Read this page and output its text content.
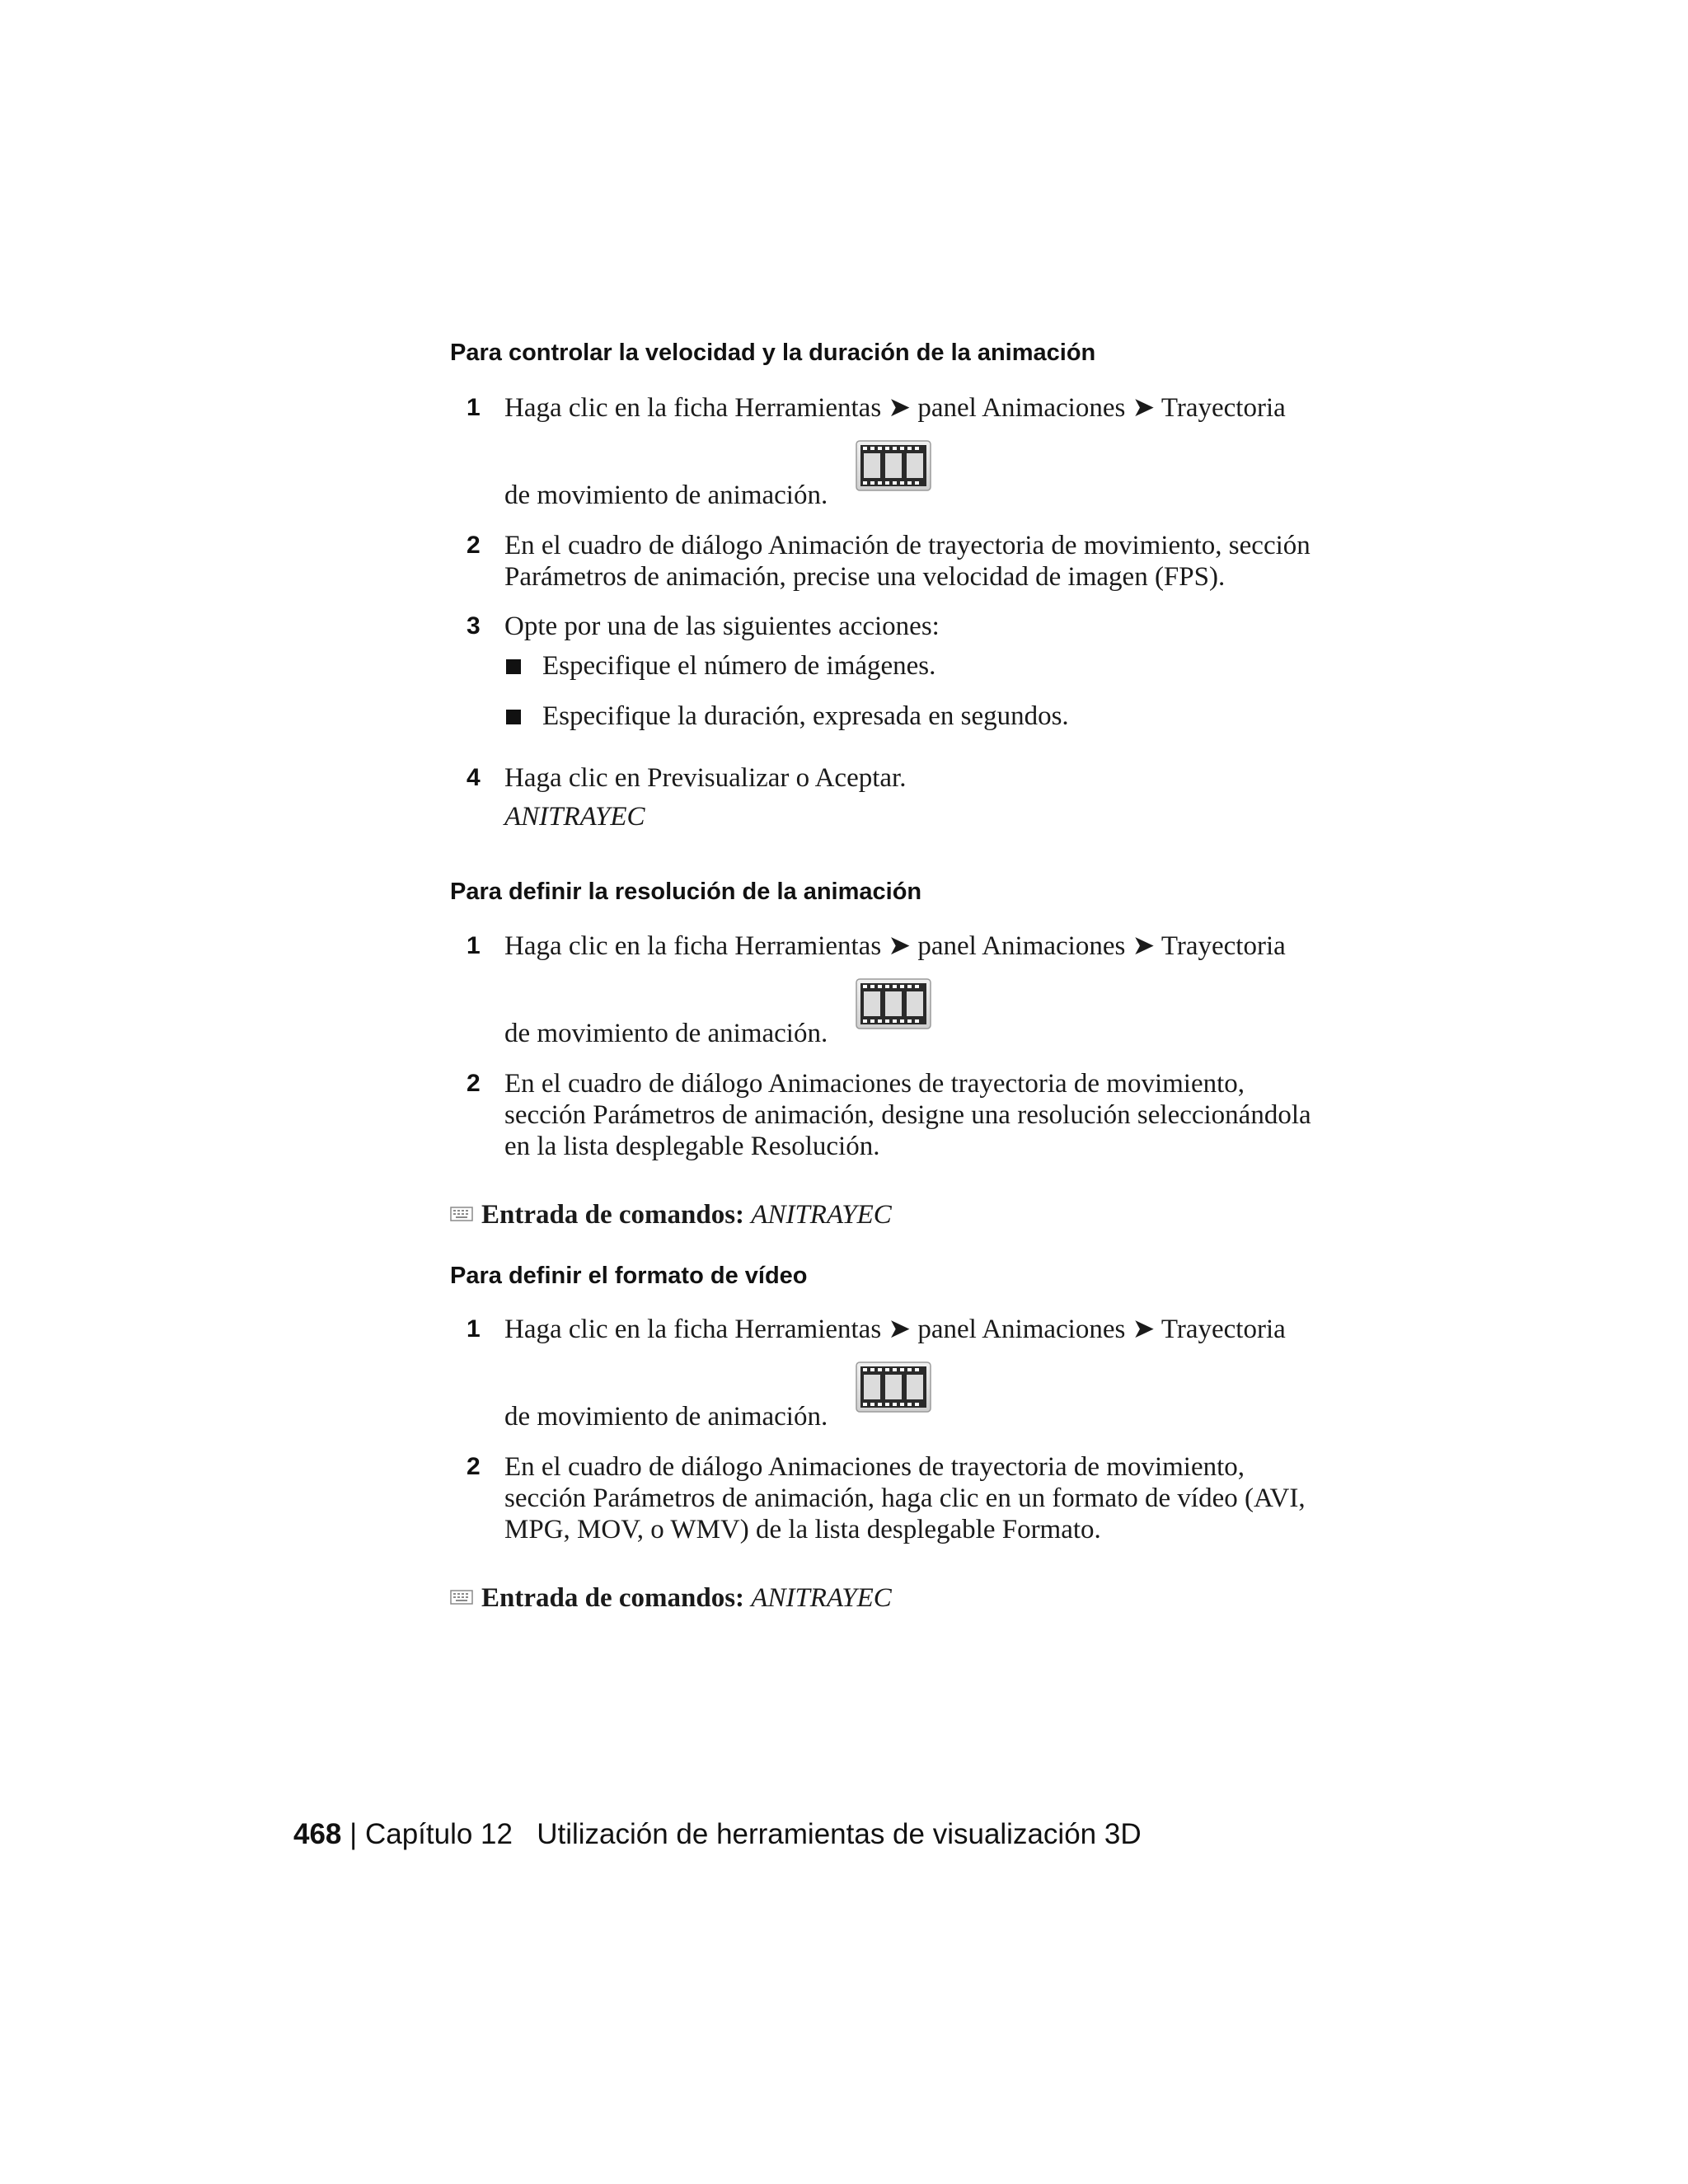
Para controlar la velocidad y la duración de la animación
1 Haga clic en la ficha Herramientas ➤ panel Animaciones ➤ Trayectoria
de movimiento de animación.
2 En el cuadro de diálogo Animación de trayectoria de movimiento, sección
Parámetros de animación, precise una velocidad de imagen (FPS).
3 Opte por una de las siguientes acciones:
Especifique el número de imágenes.
Especifique la duración, expresada en segundos.
4 Haga clic en Previsualizar o Aceptar.
ANITRAYEC
Para definir la resolución de la animación
1 Haga clic en la ficha Herramientas ➤ panel Animaciones ➤ Trayectoria
de movimiento de animación.
2 En el cuadro de diálogo Animaciones de trayectoria de movimiento,
sección Parámetros de animación, designe una resolución seleccionándola
en la lista desplegable Resolución.
Entrada de comandos: ANITRAYEC
Para definir el formato de vídeo
1 Haga clic en la ficha Herramientas ➤ panel Animaciones ➤ Trayectoria
de movimiento de animación.
2 En el cuadro de diálogo Animaciones de trayectoria de movimiento,
sección Parámetros de animación, haga clic en un formato de vídeo (AVI,
MPG, MOV, o WMV) de la lista desplegable Formato.
Entrada de comandos: ANITRAYEC
468 | Capítulo 12 Utilización de herramientas de visualización 3D
